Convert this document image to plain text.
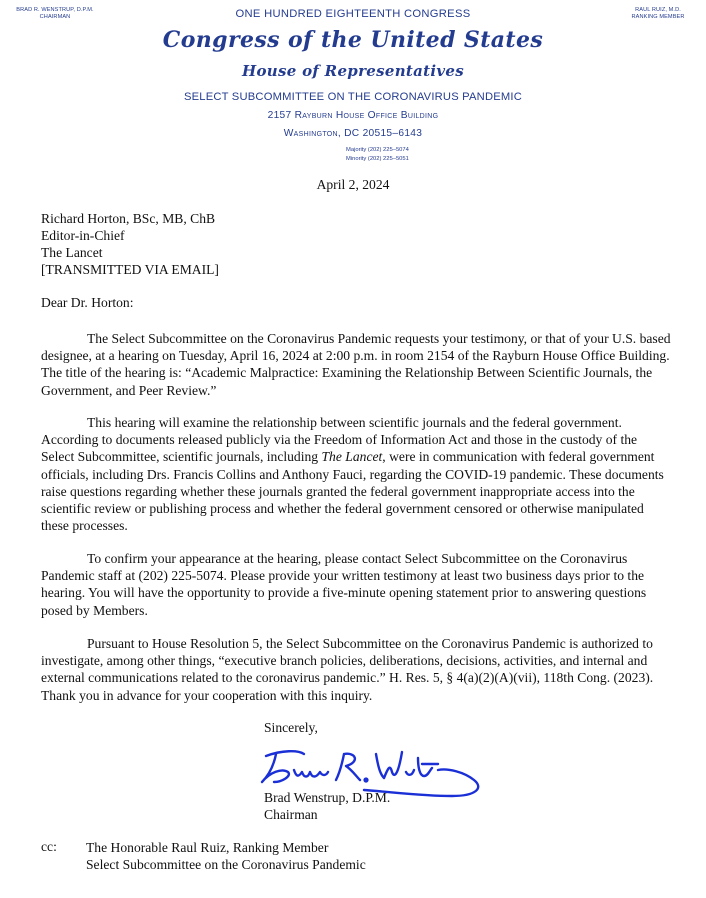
BRAD R. WENSTRUP, D.P.M.
CHAIRMAN
RAUL RUIZ, M.D.
RANKING MEMBER
ONE HUNDRED EIGHTEENTH CONGRESS
Congress of the United States
House of Representatives
SELECT SUBCOMMITTEE ON THE CORONAVIRUS PANDEMIC
2157 Rayburn House Office Building
Washington, DC 20515–6143
Majority (202) 225–5074
Minority (202) 225–5051
April 2, 2024
Richard Horton, BSc, MB, ChB
Editor-in-Chief
The Lancet
[TRANSMITTED VIA EMAIL]
Dear Dr. Horton:

The Select Subcommittee on the Coronavirus Pandemic requests your testimony, or that of your U.S. based designee, at a hearing on Tuesday, April 16, 2024 at 2:00 p.m. in room 2154 of the Rayburn House Office Building. The title of the hearing is: “Academic Malpractice: Examining the Relationship Between Scientific Journals, the Government, and Peer Review.”

This hearing will examine the relationship between scientific journals and the federal government. According to documents released publicly via the Freedom of Information Act and those in the custody of the Select Subcommittee, scientific journals, including The Lancet, were in communication with federal government officials, including Drs. Francis Collins and Anthony Fauci, regarding the COVID-19 pandemic. These documents raise questions regarding whether these journals granted the federal government inappropriate access into the scientific review or publishing process and whether the federal government censored or otherwise manipulated these processes.

To confirm your appearance at the hearing, please contact Select Subcommittee on the Coronavirus Pandemic staff at (202) 225-5074. Please provide your written testimony at least two business days prior to the hearing. You will have the opportunity to provide a five-minute opening statement prior to answering questions posed by Members.

Pursuant to House Resolution 5, the Select Subcommittee on the Coronavirus Pandemic is authorized to investigate, among other things, “executive branch policies, deliberations, decisions, activities, and internal and external communications related to the coronavirus pandemic.” H. Res. 5, § 4(a)(2)(A)(vii), 118th Cong. (2023). Thank you in advance for your cooperation with this inquiry.

Sincerely,
Brad Wenstrup, D.P.M.
Chairman
cc: The Honorable Raul Ruiz, Ranking Member
Select Subcommittee on the Coronavirus Pandemic
